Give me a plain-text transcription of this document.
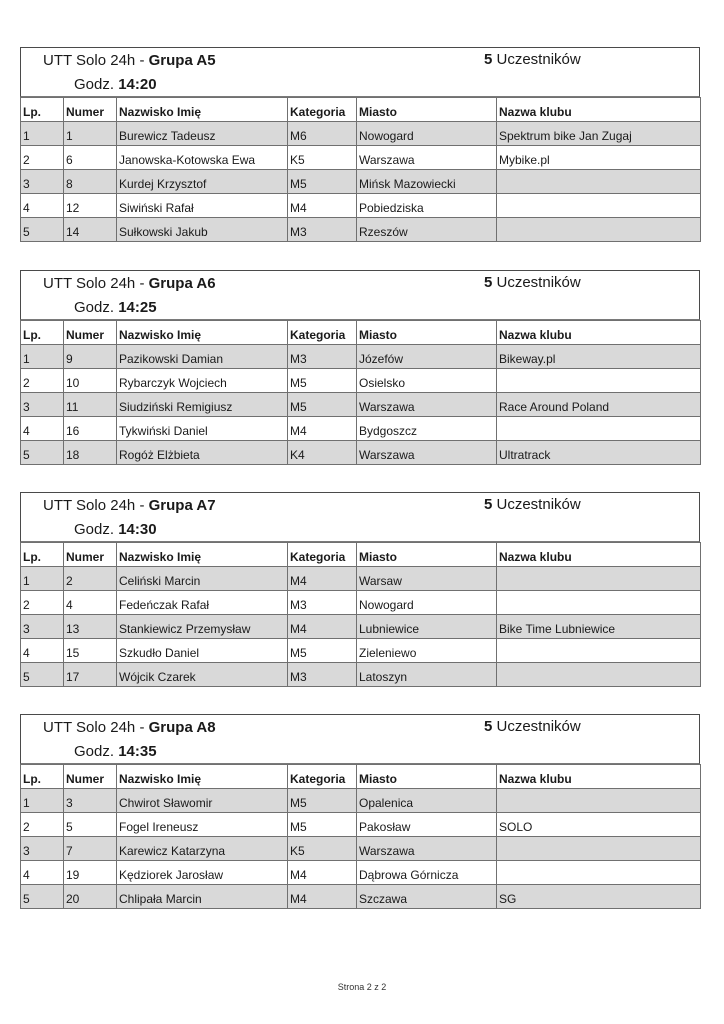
UTT Solo 24h - Grupa A5
Godz. 14:20
5 Uczestników
Lp.	Numer	Nazwisko Imię	Kategoria	Miasto	Nazwa klubu
1	1	Burewicz Tadeusz	M6	Nowogard	Spektrum bike Jan Zugaj
2	6	Janowska-Kotowska Ewa	K5	Warszawa	Mybike.pl
3	8	Kurdej Krzysztof	M5	Mińsk Mazowiecki	
4	12	Siwiński Rafał	M4	Pobiedziska	
5	14	Sułkowski Jakub	M3	Rzeszów	
UTT Solo 24h - Grupa A6
Godz. 14:25
5 Uczestników
Lp.	Numer	Nazwisko Imię	Kategoria	Miasto	Nazwa klubu
1	9	Pazikowski Damian	M3	Józefów	Bikeway.pl
2	10	Rybarczyk Wojciech	M5	Osielsko	
3	11	Siudziński Remigiusz	M5	Warszawa	Race Around Poland
4	16	Tykwiński Daniel	M4	Bydgoszcz	
5	18	Rogóż Elżbieta	K4	Warszawa	Ultratrack
UTT Solo 24h - Grupa A7
Godz. 14:30
5 Uczestników
Lp.	Numer	Nazwisko Imię	Kategoria	Miasto	Nazwa klubu
1	2	Celiński Marcin	M4	Warsaw	
2	4	Fedeńczak Rafał	M3	Nowogard	
3	13	Stankiewicz Przemysław	M4	Lubniewice	Bike Time Lubniewice
4	15	Szkudło Daniel	M5	Zieleniewo	
5	17	Wójcik Czarek	M3	Latoszyn	
UTT Solo 24h - Grupa A8
Godz. 14:35
5 Uczestników
Lp.	Numer	Nazwisko Imię	Kategoria	Miasto	Nazwa klubu
1	3	Chwirot Sławomir	M5	Opalenica	
2	5	Fogel Ireneusz	M5	Pakosław	SOLO
3	7	Karewicz Katarzyna	K5	Warszawa	
4	19	Kędziorek Jarosław	M4	Dąbrowa Górnicza	
5	20	Chlipała Marcin	M4	Szczawa	SG
Strona 2 z 2
